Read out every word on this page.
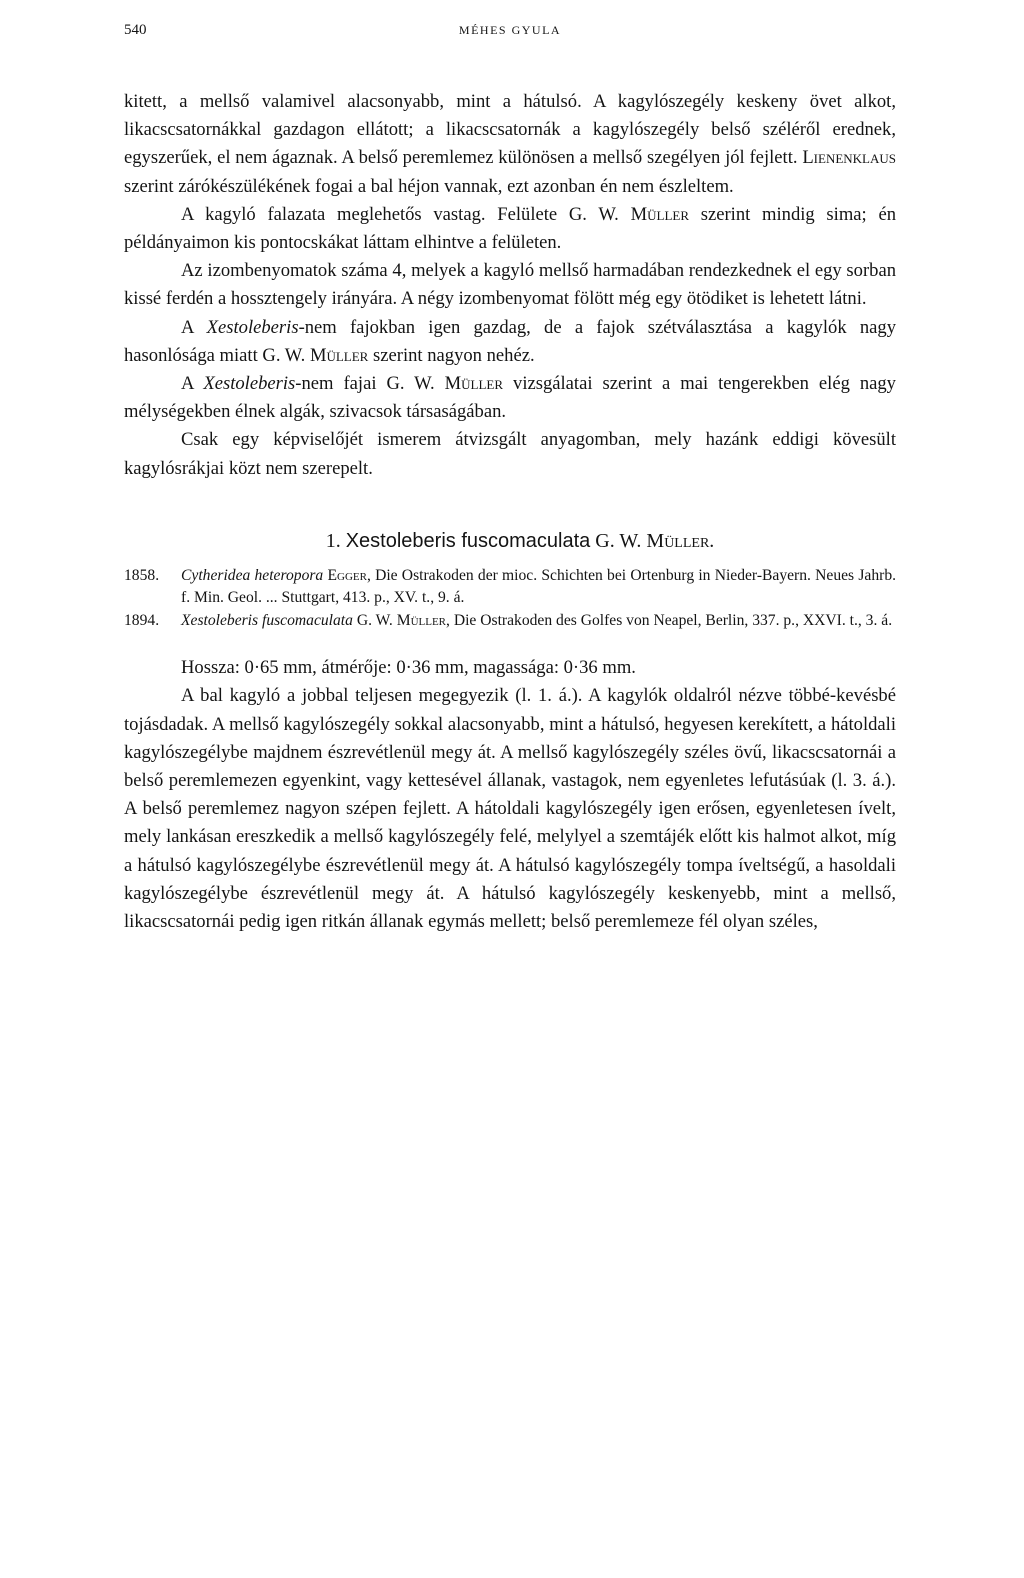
540	MÉHES GYULA

kitett, a mellső valamivel alacsonyabb, mint a hátulsó. A kagylószegély keskeny övet alkot, likacscsatornákkal gazdagon ellátott; a likacscsatornák a kagylószegély belső széléről erednek, egyszerűek, el nem ágaznak. A belső peremlemez különösen a mellső szegélyen jól fejlett. Lienenklaus szerint zárókészülékének fogai a bal héjon vannak, ezt azonban én nem észleltem.

A kagyló falazata meglehetős vastag. Felülete G. W. Müller szerint mindig sima; én példányaimon kis pontocskákat láttam elhintve a felületen.

Az izombenyomatok száma 4, melyek a kagyló mellső harmadában rendezkednek el egy sorban kissé ferdén a hossztengely irányára. A négy izombenyomat fölött még egy ötödiket is lehetett látni.

A Xestoleberis-nem fajokban igen gazdag, de a fajok szétválasztása a kagylók nagy hasonlósága miatt G. W. Müller szerint nagyon nehéz.

A Xestoleberis-nem fajai G. W. Müller vizsgálatai szerint a mai tengerekben elég nagy mélységekben élnek algák, szivacsok társaságában.

Csak egy képviselőjét ismerem átvizsgált anyagomban, mely hazánk eddigi kövesült kagylósrákjai közt nem szerepelt.

1. Xestoleberis fuscomaculata G. W. Müller.

1858. Cytheridea heteropora Egger, Die Ostrakoden der mioc. Schichten bei Ortenburg in Nieder-Bayern. Neues Jahrb. f. Min. Geol. ... Stuttgart, 413. p., XV. t., 9. á.

1894. Xestoleberis fuscomaculata G. W. Müller, Die Ostrakoden des Golfes von Neapel, Berlin, 337. p., XXVI. t., 3. á.

Hossza: 0·65 mm, átmérője: 0·36 mm, magassága: 0·36 mm.

A bal kagyló a jobbal teljesen megegyezik (l. 1. á.). A kagylók oldalról nézve többé-kevésbé tojásdadak. A mellső kagylószegély sokkal alacsonyabb, mint a hátulsó, hegyesen kerekített, a hátoldali kagylószegélybe majdnem észrevétlenül megy át. A mellső kagylószegély széles övű, likacscsatornái a belső peremlemezen egyenkint, vagy kettesével állanak, vastagok, nem egyenletes lefutásúak (l. 3. á.). A belső peremlemez nagyon szépen fejlett. A hátoldali kagylószegély igen erősen, egyenletesen ívelt, mely lankásan ereszkedik a mellső kagylószegély felé, melylyel a szemtájék előtt kis halmot alkot, míg a hátulsó kagylószegélybe észrevétlenül megy át. A hátulsó kagylószegély tompa íveltségű, a hasoldali kagylószegélybe észrevétlenül megy át. A hátulsó kagylószegély keskenyebb, mint a mellső, likacscsatornái pedig igen ritkán állanak egymás mellett; belső peremlemeze fél olyan széles,
